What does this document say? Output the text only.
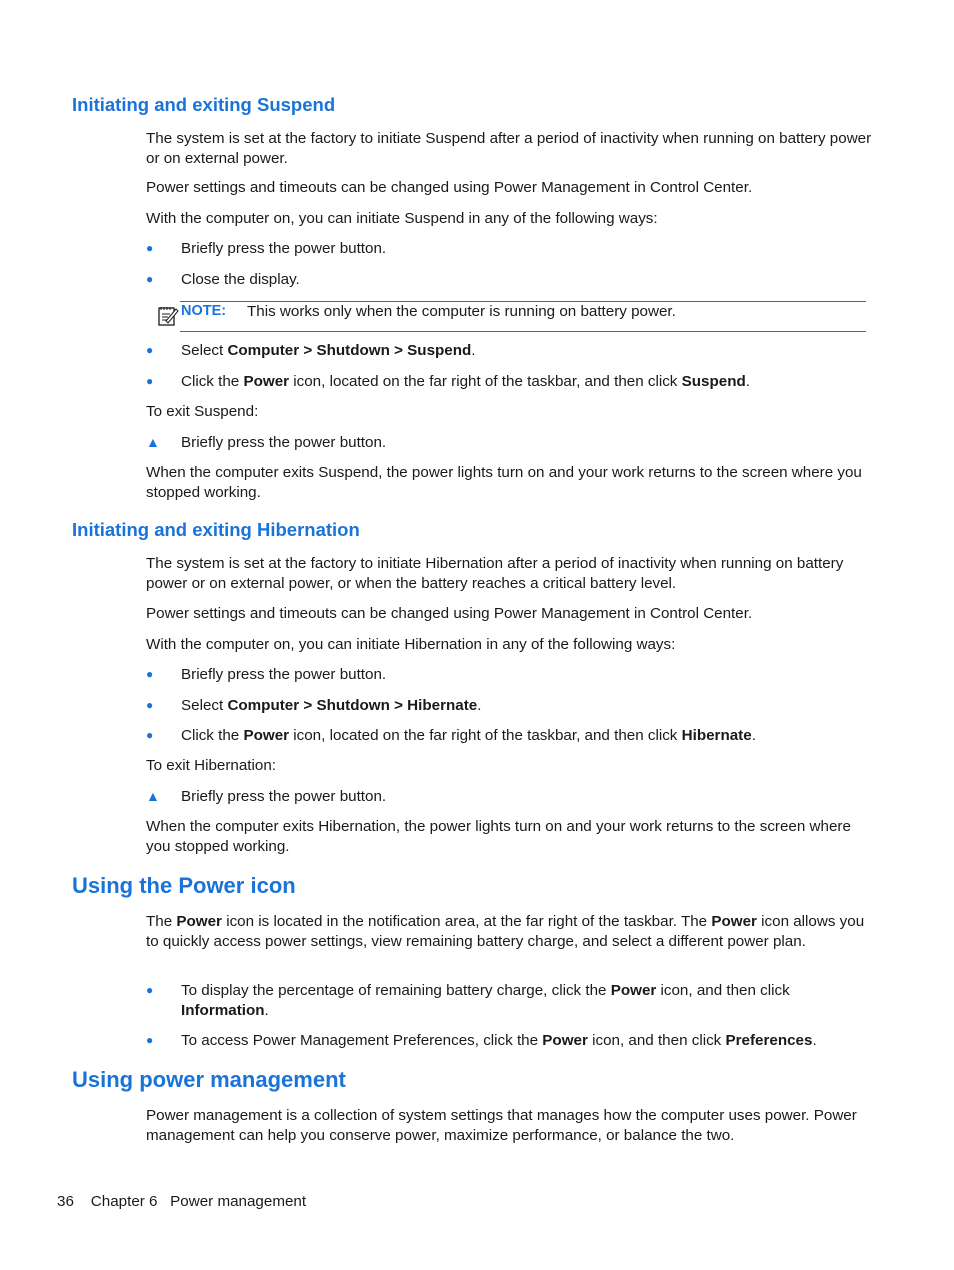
Initiating and exiting Suspend

The system is set at the factory to initiate Suspend after a period of inactivity when running on battery power or on external power.

Power settings and timeouts can be changed using Power Management in Control Center.

With the computer on, you can initiate Suspend in any of the following ways:

●	Briefly press the power button.
●	Close the display.
NOTE: This works only when the computer is running on battery power.
●	Select Computer > Shutdown > Suspend.
●	Click the Power icon, located on the far right of the taskbar, and then click Suspend.

To exit Suspend:

▲	Briefly press the power button.

When the computer exits Suspend, the power lights turn on and your work returns to the screen where you stopped working.

Initiating and exiting Hibernation

The system is set at the factory to initiate Hibernation after a period of inactivity when running on battery power or on external power, or when the battery reaches a critical battery level.

Power settings and timeouts can be changed using Power Management in Control Center.

With the computer on, you can initiate Hibernation in any of the following ways:

●	Briefly press the power button.
●	Select Computer > Shutdown > Hibernate.
●	Click the Power icon, located on the far right of the taskbar, and then click Hibernate.

To exit Hibernation:

▲	Briefly press the power button.

When the computer exits Hibernation, the power lights turn on and your work returns to the screen where you stopped working.

Using the Power icon

The Power icon is located in the notification area, at the far right of the taskbar. The Power icon allows you to quickly access power settings, view remaining battery charge, and select a different power plan.

●	To display the percentage of remaining battery charge, click the Power icon, and then click Information.
●	To access Power Management Preferences, click the Power icon, and then click Preferences.
Using power management

Power management is a collection of system settings that manages how the computer uses power. Power management can help you conserve power, maximize performance, or balance the two.

36 Chapter 6 Power management
